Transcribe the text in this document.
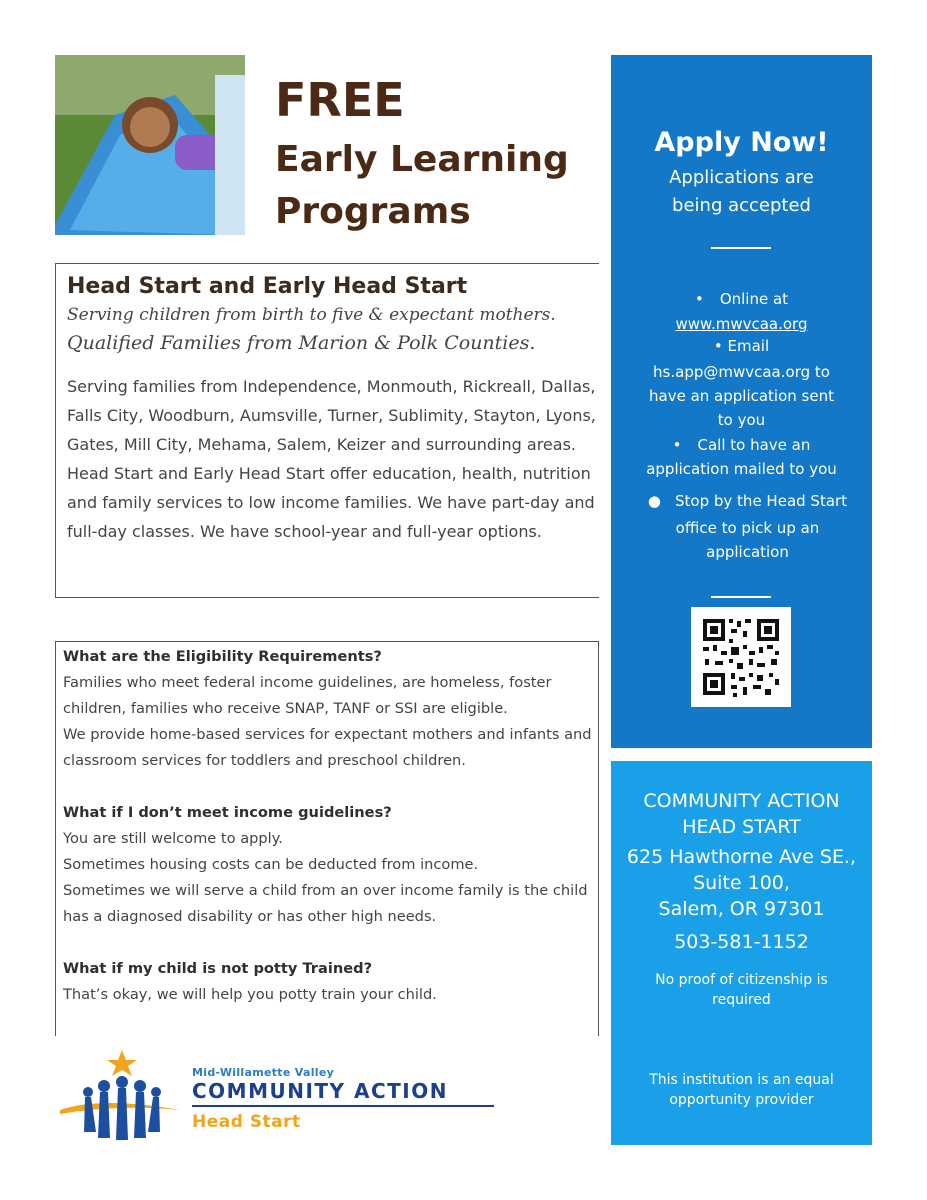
FREE
Early Learning
Programs
Head Start and Early Head Start
Serving children from birth to five & expectant mothers.
Qualified Families from Marion & Polk Counties.
Serving families from Independence, Monmouth, Rickreall, Dallas, Falls City, Woodburn, Aumsville, Turner, Sublimity, Stayton, Lyons, Gates, Mill City, Mehama, Salem, Keizer and surrounding areas.
Head Start and Early Head Start offer education, health, nutrition and family services to low income families. We have part-day and full-day classes. We have school-year and full-year options.
What are the Eligibility Requirements?
Families who meet federal income guidelines, are homeless, foster children, families who receive SNAP, TANF or SSI are eligible.
We provide home-based services for expectant mothers and infants and classroom services for toddlers and preschool children.
What if I don’t meet income guidelines?
You are still welcome to apply.
Sometimes housing costs can be deducted from income.
Sometimes we will serve a child from an over income family is the child has a diagnosed disability or has other high needs.
What if my child is not potty Trained?
That’s okay, we will help you potty train your child.
Apply Now!
Applications are
being accepted
• Online at
www.mwvcaa.org
• Email
hs.app@mwvcaa.org to
have an application sent
to you
• Call to have an
application mailed to you
● Stop by the Head Start
office to pick up an
application
COMMUNITY ACTION
HEAD START
625 Hawthorne Ave SE.,
Suite 100,
Salem, OR 97301
503-581-1152
No proof of citizenship is required
This institution is an equal opportunity provider
Mid-Willamette Valley
COMMUNITY ACTION
Head Start
